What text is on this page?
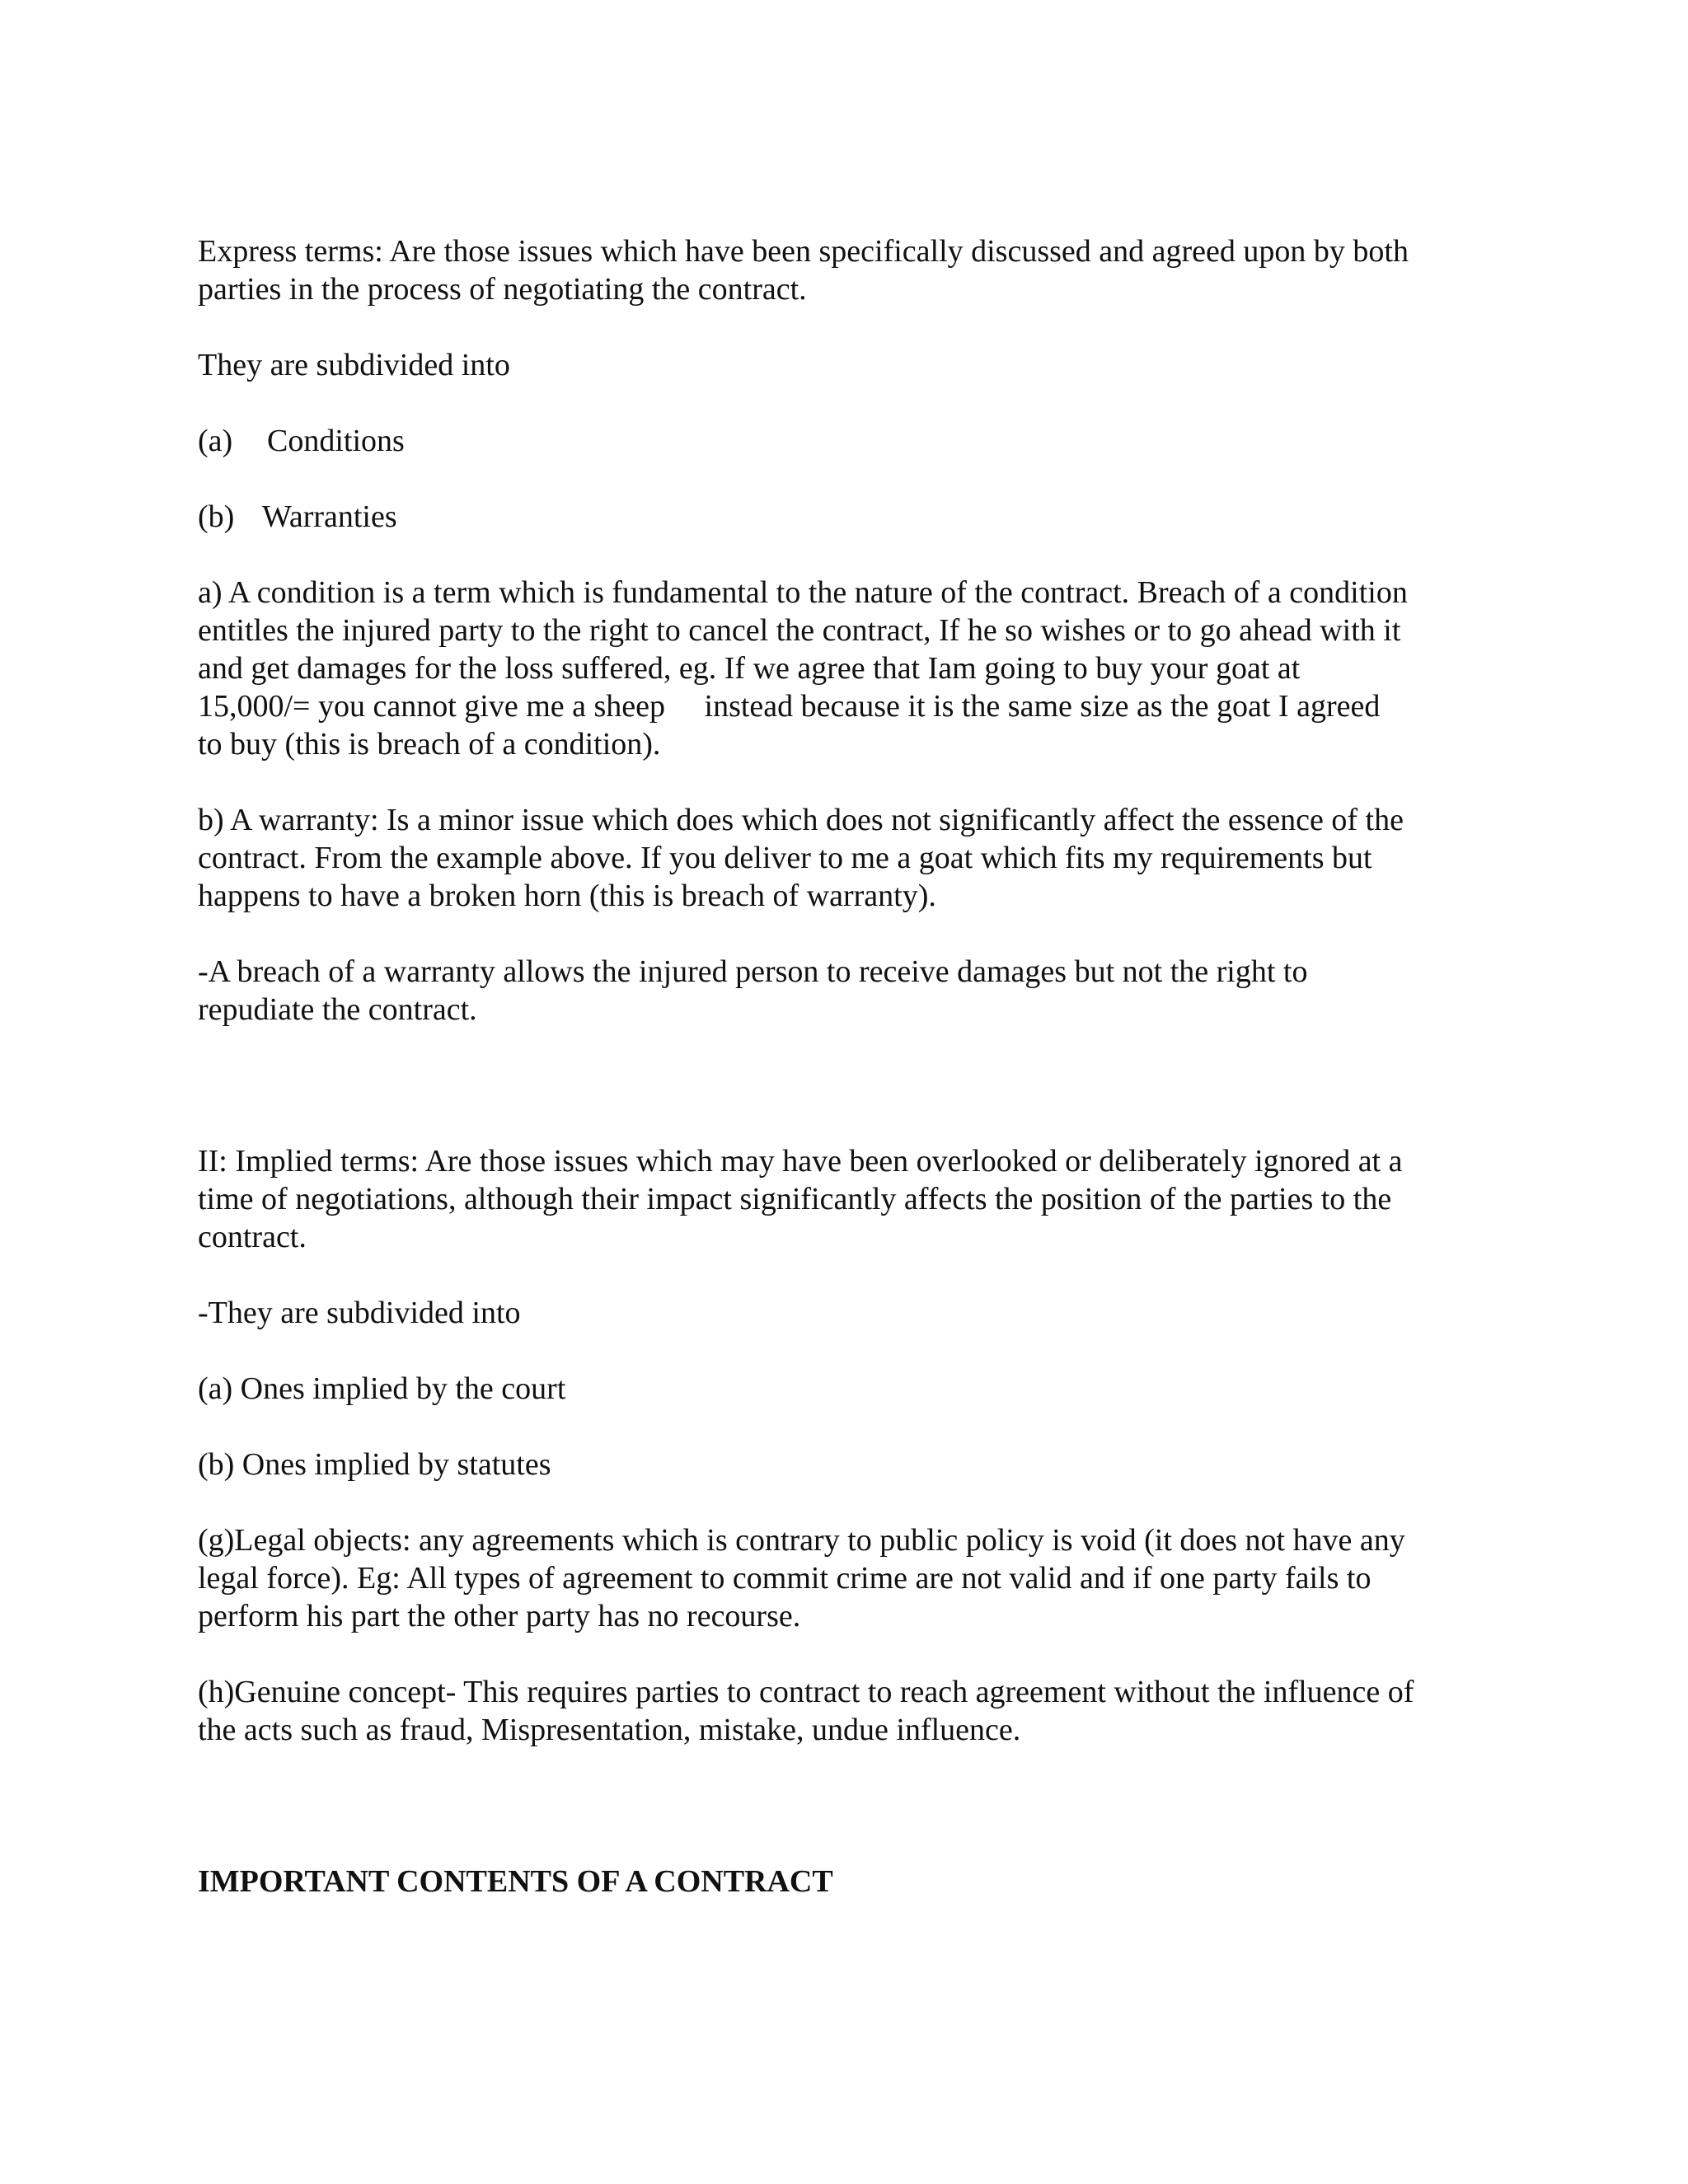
Express terms: Are those issues which have been specifically discussed and agreed upon by both
parties in the process of negotiating the contract.

They are subdivided into

(a) Conditions

(b) Warranties

a) A condition is a term which is fundamental to the nature of the contract. Breach of a condition
entitles the injured party to the right to cancel the contract, If he so wishes or to go ahead with it
and get damages for the loss suffered, eg. If we agree that Iam going to buy your goat at
15,000/= you cannot give me a sheep     instead because it is the same size as the goat I agreed
to buy (this is breach of a condition).

b) A warranty: Is a minor issue which does which does not significantly affect the essence of the
contract. From the example above. If you deliver to me a goat which fits my requirements but
happens to have a broken horn (this is breach of warranty).

-A breach of a warranty allows the injured person to receive damages but not the right to
repudiate the contract.

II: Implied terms: Are those issues which may have been overlooked or deliberately ignored at a
time of negotiations, although their impact significantly affects the position of the parties to the
contract.

-They are subdivided into

(a) Ones implied by the court

(b) Ones implied by statutes

(g)Legal objects: any agreements which is contrary to public policy is void (it does not have any
legal force). Eg: All types of agreement to commit crime are not valid and if one party fails to
perform his part the other party has no recourse.

(h)Genuine concept- This requires parties to contract to reach agreement without the influence of
the acts such as fraud, Mispresentation, mistake, undue influence.

IMPORTANT CONTENTS OF A CONTRACT
